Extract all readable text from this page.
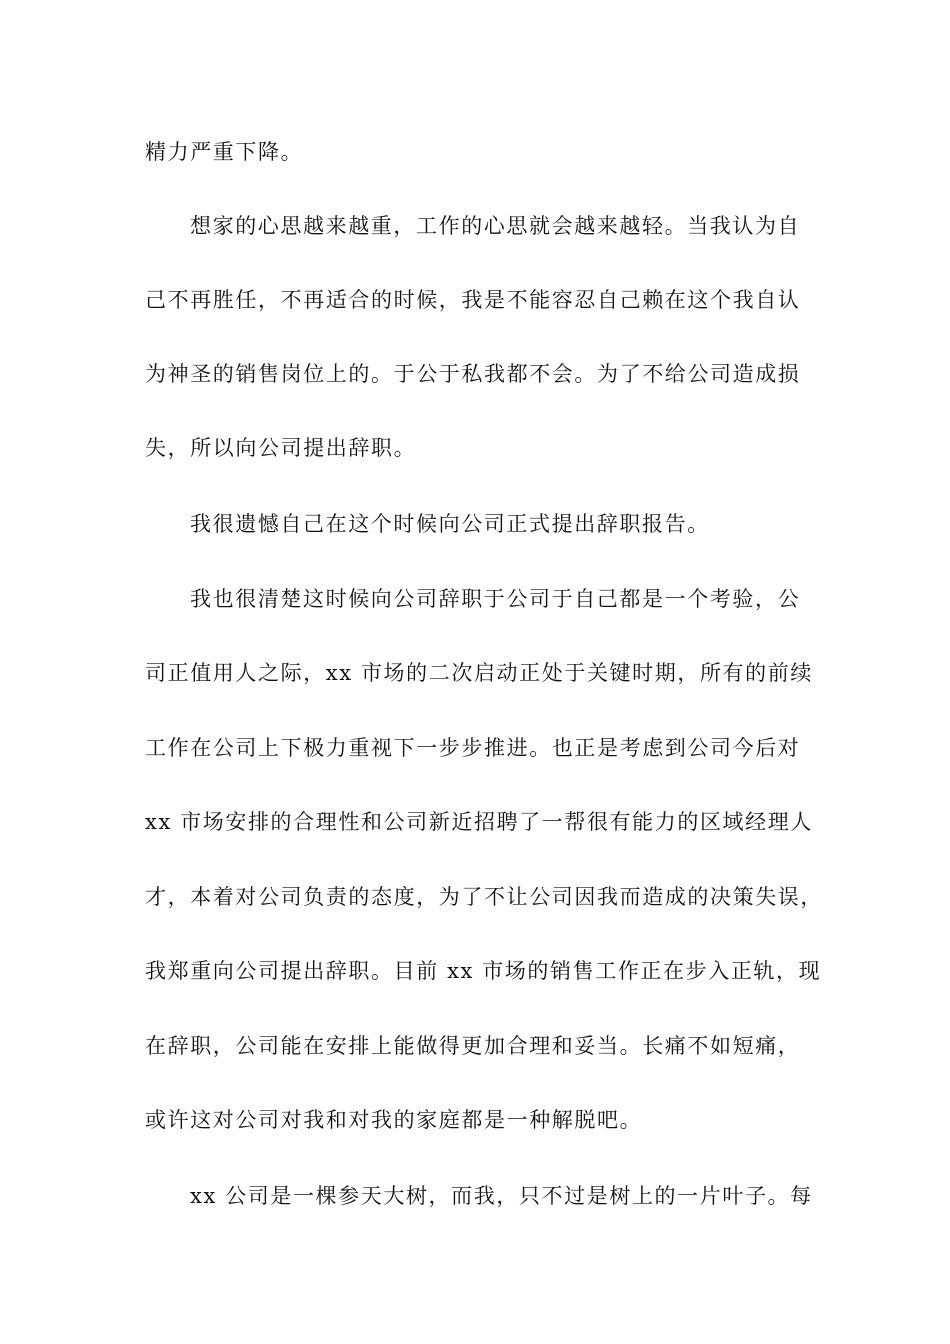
精力严重下降。
想家的心思越来越重，工作的心思就会越来越轻。当我认为自
己不再胜任，不再适合的时候，我是不能容忍自己赖在这个我自认
为神圣的销售岗位上的。于公于私我都不会。为了不给公司造成损
失，所以向公司提出辞职。
我很遗憾自己在这个时候向公司正式提出辞职报告。
我也很清楚这时候向公司辞职于公司于自己都是一个考验，公
司正值用人之际，xx 市场的二次启动正处于关键时期，所有的前续
工作在公司上下极力重视下一步步推进。也正是考虑到公司今后对
xx 市场安排的合理性和公司新近招聘了一帮很有能力的区域经理人
才，本着对公司负责的态度，为了不让公司因我而造成的决策失误，
我郑重向公司提出辞职。目前 xx 市场的销售工作正在步入正轨，现
在辞职，公司能在安排上能做得更加合理和妥当。长痛不如短痛，
或许这对公司对我和对我的家庭都是一种解脱吧。
xx 公司是一棵参天大树，而我，只不过是树上的一片叶子。每
